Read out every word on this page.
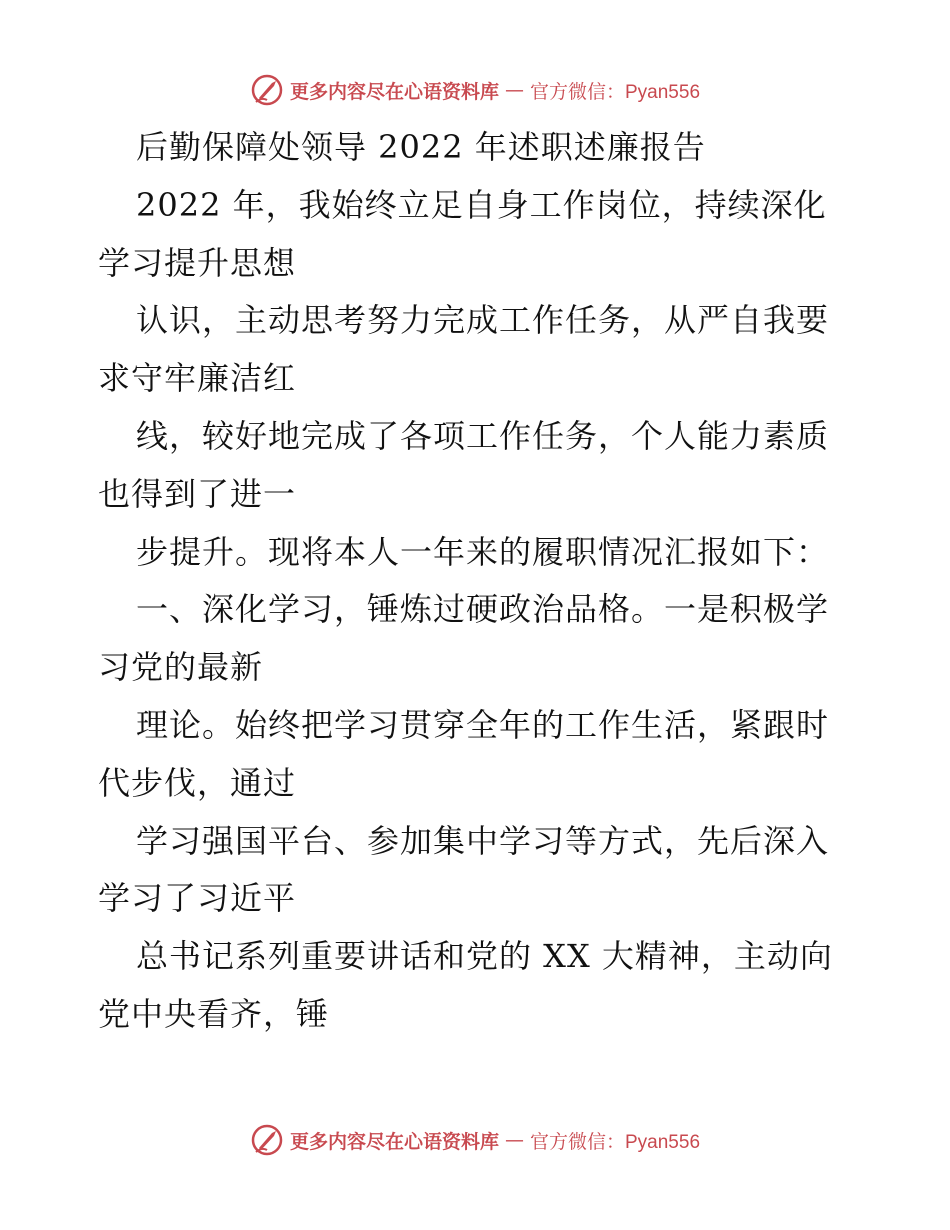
更多内容尽在心语资料库 — 官方微信：Pyan556
后勤保障处领导 2022 年述职述廉报告
2022 年，我始终立足自身工作岗位，持续深化
学习提升思想
认识，主动思考努力完成工作任务，从严自我要
求守牢廉洁红
线，较好地完成了各项工作任务，个人能力素质
也得到了进一
步提升。现将本人一年来的履职情况汇报如下：
一、深化学习，锤炼过硬政治品格。一是积极学
习党的最新
理论。始终把学习贯穿全年的工作生活，紧跟时
代步伐，通过
学习强国平台、参加集中学习等方式，先后深入
学习了习近平
总书记系列重要讲话和党的 XX 大精神，主动向
党中央看齐，锤
更多内容尽在心语资料库 — 官方微信：Pyan556
